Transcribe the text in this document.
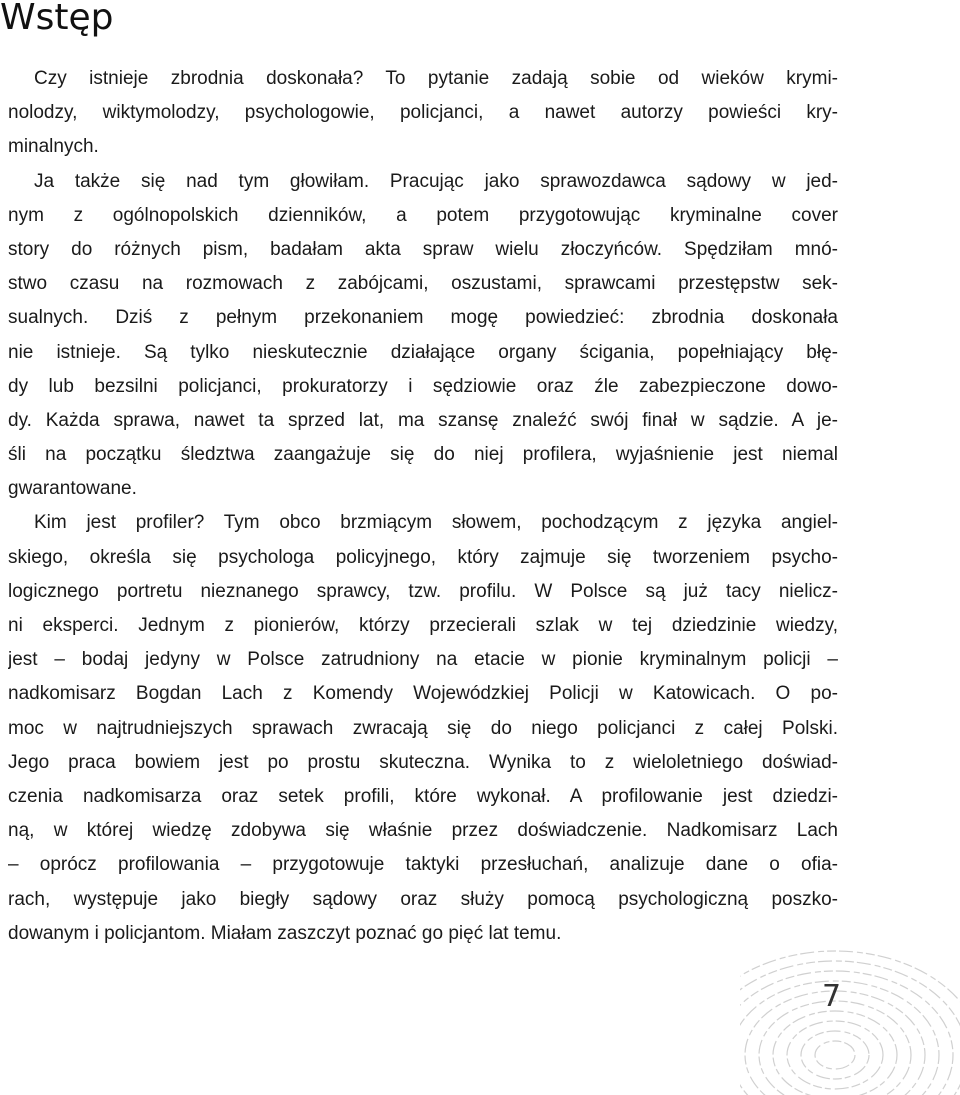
Wstęp
Czy istnieje zbrodnia doskonała? To pytanie zadają sobie od wieków krymi-
nolodzy, wiktymolodzy, psychologowie, policjanci, a nawet autorzy powieści kry-
minalnych.
Ja także się nad tym głowiłam. Pracując jako sprawozdawca sądowy w jed-
nym z ogólnopolskich dzienników, a potem przygotowując kryminalne cover
story do różnych pism, badałam akta spraw wielu złoczyńców. Spędziłam mnó-
stwo czasu na rozmowach z zabójcami, oszustami, sprawcami przestępstw sek-
sualnych. Dziś z pełnym przekonaniem mogę powiedzieć: zbrodnia doskonała
nie istnieje. Są tylko nieskutecznie działające organy ścigania, popełniający błę-
dy lub bezsilni policjanci, prokuratorzy i sędziowie oraz źle zabezpieczone dowo-
dy. Każda sprawa, nawet ta sprzed lat, ma szansę znaleźć swój finał w sądzie. A je-
śli na początku śledztwa zaangażuje się do niej profilera, wyjaśnienie jest niemal
gwarantowane.
Kim jest profiler? Tym obco brzmiącym słowem, pochodzącym z języka angiel-
skiego, określa się psychologa policyjnego, który zajmuje się tworzeniem psycho-
logicznego portretu nieznanego sprawcy, tzw. profilu. W Polsce są już tacy nielicz-
ni eksperci. Jednym z pionierów, którzy przecierali szlak w tej dziedzinie wiedzy,
jest – bodaj jedyny w Polsce zatrudniony na etacie w pionie kryminalnym policji –
nadkomisarz Bogdan Lach z Komendy Wojewódzkiej Policji w Katowicach. O po-
moc w najtrudniejszych sprawach zwracają się do niego policjanci z całej Polski.
Jego praca bowiem jest po prostu skuteczna. Wynika to z wieloletniego doświad-
czenia nadkomisarza oraz setek profili, które wykonał. A profilowanie jest dziedzi-
ną, w której wiedzę zdobywa się właśnie przez doświadczenie. Nadkomisarz Lach
– oprócz profilowania – przygotowuje taktyki przesłuchań, analizuje dane o ofia-
rach, występuje jako biegły sądowy oraz służy pomocą psychologiczną poszko-
dowanym i policjantom. Miałam zaszczyt poznać go pięć lat temu.
7
